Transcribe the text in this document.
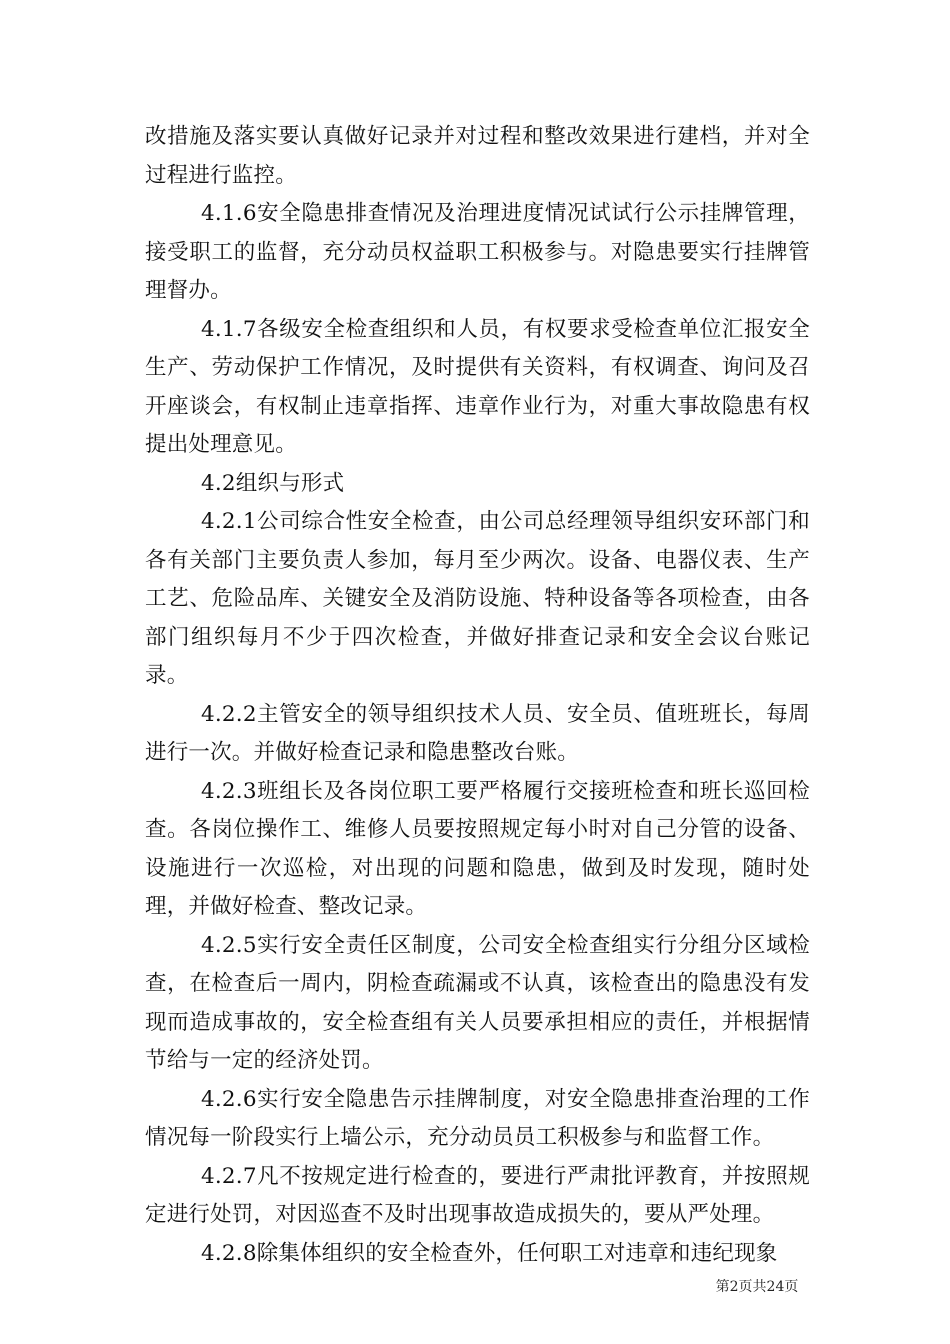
改措施及落实要认真做好记录并对过程和整改效果进行建档，并对全过程进行监控。

4.1.6安全隐患排查情况及治理进度情况试试行公示挂牌管理，接受职工的监督，充分动员权益职工积极参与。对隐患要实行挂牌管理督办。

4.1.7各级安全检查组织和人员，有权要求受检查单位汇报安全生产、劳动保护工作情况，及时提供有关资料，有权调查、询问及召开座谈会，有权制止违章指挥、违章作业行为，对重大事故隐患有权提出处理意见。

4.2组织与形式

4.2.1公司综合性安全检查，由公司总经理领导组织安环部门和各有关部门主要负责人参加，每月至少两次。设备、电器仪表、生产工艺、危险品库、关键安全及消防设施、特种设备等各项检查，由各部门组织每月不少于四次检查，并做好排查记录和安全会议台账记录。

4.2.2主管安全的领导组织技术人员、安全员、值班班长，每周进行一次。并做好检查记录和隐患整改台账。

4.2.3班组长及各岗位职工要严格履行交接班检查和班长巡回检查。各岗位操作工、维修人员要按照规定每小时对自己分管的设备、设施进行一次巡检，对出现的问题和隐患，做到及时发现，随时处理，并做好检查、整改记录。

4.2.5实行安全责任区制度，公司安全检查组实行分组分区域检查，在检查后一周内，阴检查疏漏或不认真，该检查出的隐患没有发现而造成事故的，安全检查组有关人员要承担相应的责任，并根据情节给与一定的经济处罚。

4.2.6实行安全隐患告示挂牌制度，对安全隐患排查治理的工作情况每一阶段实行上墙公示，充分动员员工积极参与和监督工作。

4.2.7凡不按规定进行检查的，要进行严肃批评教育，并按照规定进行处罚，对因巡查不及时出现事故造成损失的，要从严处理。

4.2.8除集体组织的安全检查外，任何职工对违章和违纪现象

第2页共24页
